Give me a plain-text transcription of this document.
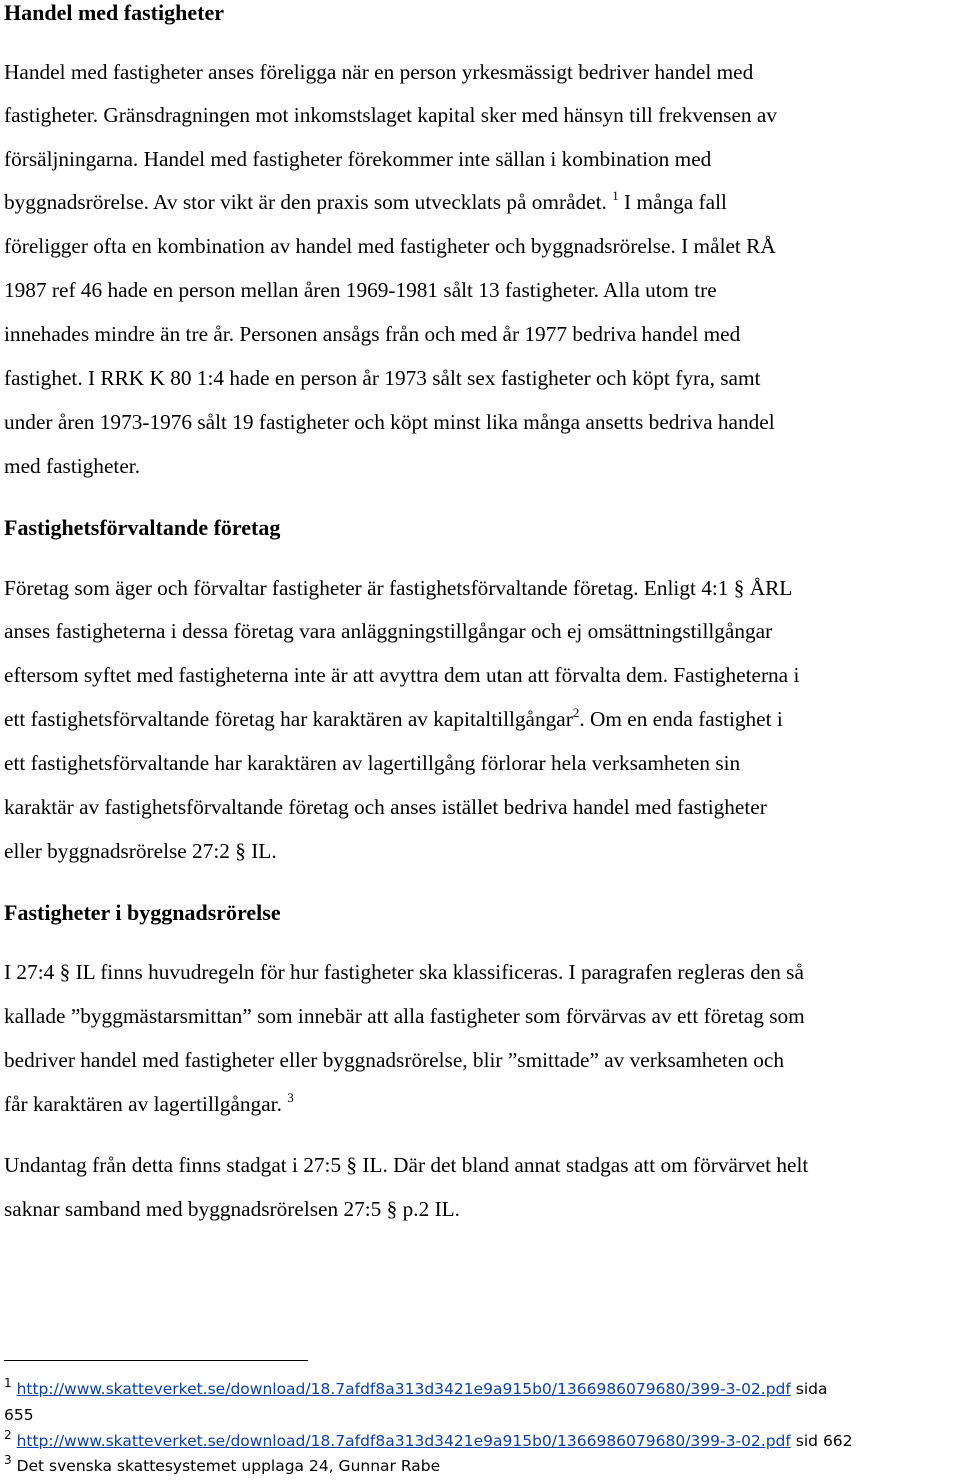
Handel med fastigheter
Handel med fastigheter anses föreligga när en person yrkesmässigt bedriver handel med
fastigheter. Gränsdragningen mot inkomstslaget kapital sker med hänsyn till frekvensen av
försäljningarna. Handel med fastigheter förekommer inte sällan i kombination med
byggnadsrörelse. Av stor vikt är den praxis som utvecklats på området. $^1$ I många fall
föreligger ofta en kombination av handel med fastigheter och byggnadsrörelse. I målet RÅ
1987 ref 46 hade en person mellan åren 1969-1981 sålt 13 fastigheter. Alla utom tre
innehades mindre än tre år. Personen ansågs från och med år 1977 bedriva handel med
fastighet. I RRK K 80 1:4 hade en person år 1973 sålt sex fastigheter och köpt fyra, samt
under åren 1973-1976 sålt 19 fastigheter och köpt minst lika många ansetts bedriva handel
med fastigheter.
Fastighetsförvaltande företag
Företag som äger och förvaltar fastigheter är fastighetsförvaltande företag. Enligt 4:1 § ÅRL
anses fastigheterna i dessa företag vara anläggningstillgångar och ej omsättningstillgångar
eftersom syftet med fastigheterna inte är att avyttra dem utan att förvalta dem. Fastigheterna i
ett fastighetsförvaltande företag har karaktären av kapitaltillgångar$^2$. Om en enda fastighet i
ett fastighetsförvaltande har karaktären av lagertillgång förlorar hela verksamheten sin
karaktär av fastighetsförvaltande företag och anses istället bedriva handel med fastigheter
eller byggnadsrörelse 27:2 § IL.
Fastigheter i byggnadsrörelse
I 27:4 § IL finns huvudregeln för hur fastigheter ska klassificeras. I paragrafen regleras den så
kallade ”byggmästarsmittan” som innebär att alla fastigheter som förvärvas av ett företag som
bedriver handel med fastigheter eller byggnadsrörelse, blir ”smittade” av verksamheten och
får karaktären av lagertillgångar. $^3$
Undantag från detta finns stadgat i 27:5 § IL. Där det bland annat stadgas att om förvärvet helt
saknar samband med byggnadsrörelsen 27:5 § p.2 IL.
$^1$ http://www.skatteverket.se/download/18.7afdf8a313d3421e9a915b0/1366986079680/399-3-02.pdf sida
655
$^2$ http://www.skatteverket.se/download/18.7afdf8a313d3421e9a915b0/1366986079680/399-3-02.pdf sid 662
$^3$ Det svenska skattesystemet upplaga 24, Gunnar Rabe
